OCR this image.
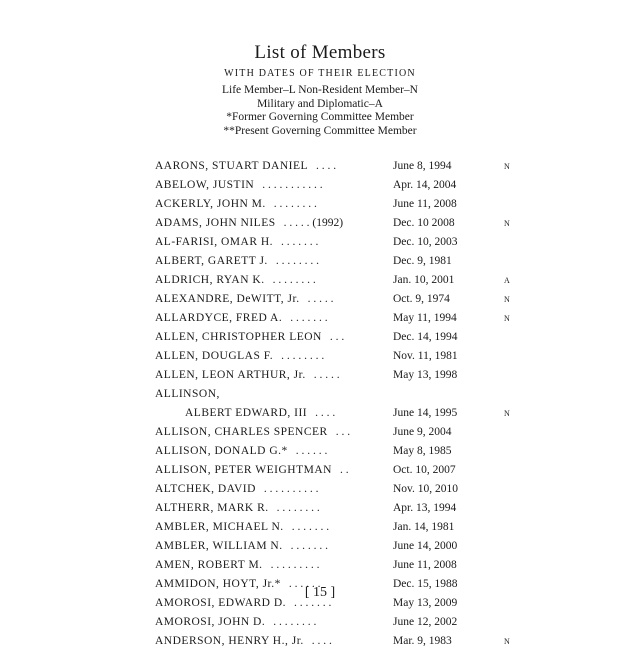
List of Members
WITH DATES OF THEIR ELECTION
Life Member–L Non-Resident Member–N
Military and Diplomatic–A
*Former Governing Committee Member
**Present Governing Committee Member
AARONS, STUART DANIEL . . . .	June 8, 1994	N
ABELOW, JUSTIN . . . . . . . . . . .	Apr. 14, 2004
ACKERLY, JOHN M. . . . . . . . .	June 11, 2008
ADAMS, JOHN NILES . . . . . (1992)	Dec. 10 2008	N
AL-FARISI, OMAR H. . . . . . . .	Dec. 10, 2003
ALBERT, GARETT J. . . . . . . . .	Dec. 9, 1981
ALDRICH, RYAN K. . . . . . . . .	Jan. 10, 2001	A
ALEXANDRE, DeWITT, Jr. . . . . .	Oct. 9, 1974	N
ALLARDYCE, FRED A. . . . . . . .	May 11, 1994	N
ALLEN, CHRISTOPHER LEON . . .	Dec. 14, 1994
ALLEN, DOUGLAS F. . . . . . . . .	Nov. 11, 1981
ALLEN, LEON ARTHUR, Jr. . . . . .	May 13, 1998
ALLINSON,
ALBERT EDWARD, III . . . .	June 14, 1995	N
ALLISON, CHARLES SPENCER . . .	June 9, 2004
ALLISON, DONALD G.* . . . . . .	May 8, 1985
ALLISON, PETER WEIGHTMAN . .	Oct. 10, 2007
ALTCHEK, DAVID . . . . . . . . . .	Nov. 10, 2010
ALTHERR, MARK R. . . . . . . . .	Apr. 13, 1994
AMBLER, MICHAEL N. . . . . . . .	Jan. 14, 1981
AMBLER, WILLIAM N. . . . . . . .	June 14, 2000
AMEN, ROBERT M. . . . . . . . . .	June 11, 2008
AMMIDON, HOYT, Jr.* . . . . . .	Dec. 15, 1988
AMOROSI, EDWARD D. . . . . . . .	May 13, 2009
AMOROSI, JOHN D. . . . . . . . .	June 12, 2002
ANDERSON, HENRY H., Jr. . . . .	Mar. 9, 1983	N
[ 15 ]
